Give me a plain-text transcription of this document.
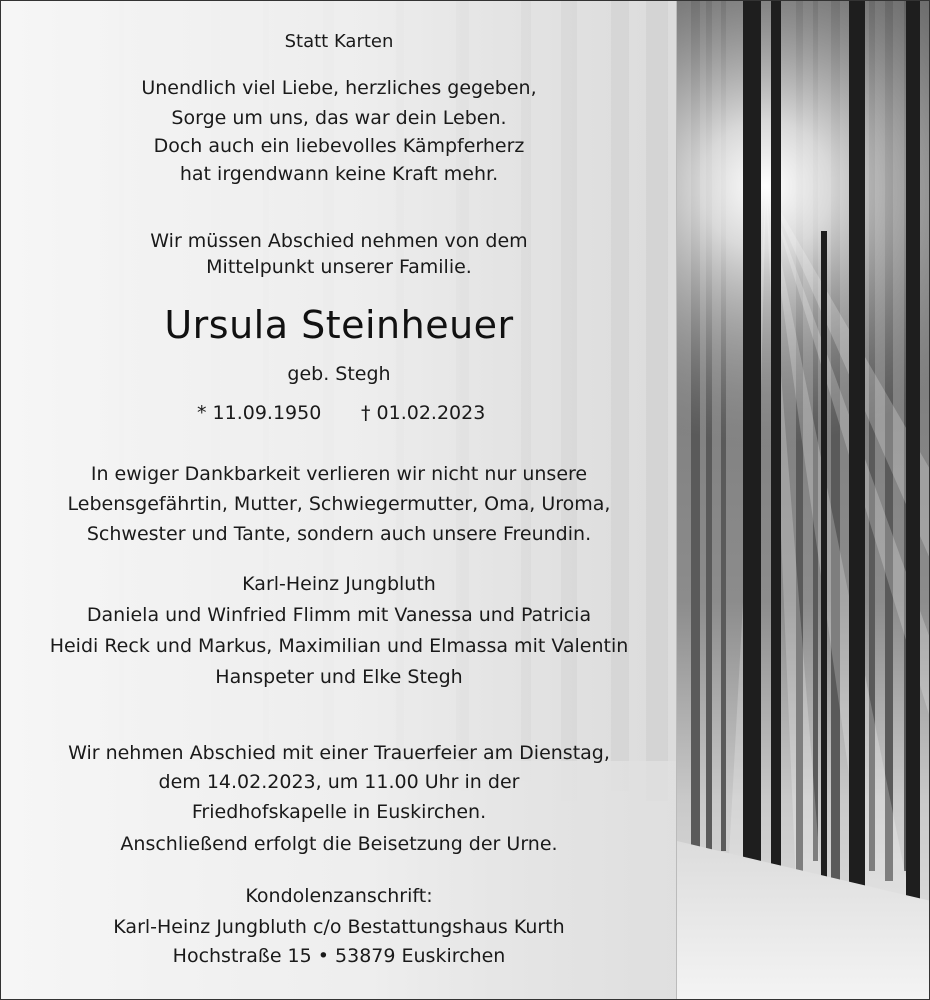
Statt Karten
Unendlich viel Liebe, herzliches gegeben,
Sorge um uns, das war dein Leben.
Doch auch ein liebevolles Kämpferherz
hat irgendwann keine Kraft mehr.
Wir müssen Abschied nehmen von dem
Mittelpunkt unserer Familie.
Ursula Steinheuer
geb. Stegh
* 11.09.1950 † 01.02.2023
In ewiger Dankbarkeit verlieren wir nicht nur unsere
Lebensgefährtin, Mutter, Schwiegermutter, Oma, Uroma,
Schwester und Tante, sondern auch unsere Freundin.
Karl-Heinz Jungbluth
Daniela und Winfried Flimm mit Vanessa und Patricia
Heidi Reck und Markus, Maximilian und Elmassa mit Valentin
Hanspeter und Elke Stegh
Wir nehmen Abschied mit einer Trauerfeier am Dienstag,
dem 14.02.2023, um 11.00 Uhr in der
Friedhofskapelle in Euskirchen.
Anschließend erfolgt die Beisetzung der Urne.
Kondolenzanschrift:
Karl-Heinz Jungbluth c/o Bestattungshaus Kurth
Hochstraße 15 • 53879 Euskirchen
